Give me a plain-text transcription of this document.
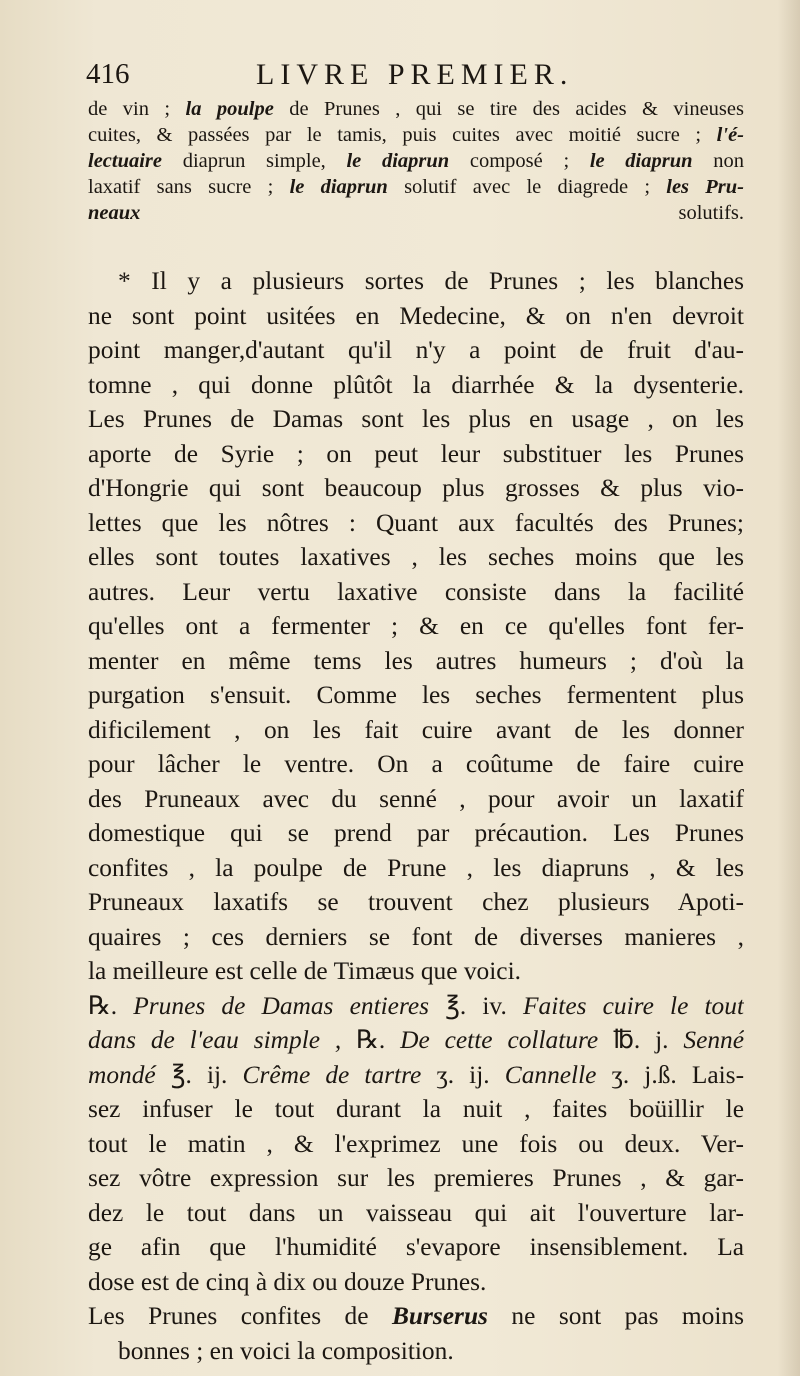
416	LIVRE PREMIER.
de vin ; la poulpe de Prunes , qui se tire des acides & vineuses
cuites, & passées par le tamis, puis cuites avec moitié sucre ; l'é-
lectuaire diaprun simple, le diaprun composé ; le diaprun non
laxatif sans sucre ; le diaprun solutif avec le diagrede ; les Pru-
neaux solutifs.
* Il y a plusieurs sortes de Prunes ; les blanches
ne sont point usitées en Medecine, & on n'en devroit
point manger,d'autant qu'il n'y a point de fruit d'au-
tomne , qui donne plûtôt la diarrhée & la dysenterie.
Les Prunes de Damas sont les plus en usage , on les
aporte de Syrie ; on peut leur substituer les Prunes
d'Hongrie qui sont beaucoup plus grosses & plus vio-
lettes que les nôtres : Quant aux facultés des Prunes;
elles sont toutes laxatives , les seches moins que les
autres. Leur vertu laxative consiste dans la facilité
qu'elles ont a fermenter ; & en ce qu'elles font fer-
menter en même tems les autres humeurs ; d'où la
purgation s'ensuit. Comme les seches fermentent plus
dificilement , on les fait cuire avant de les donner
pour lâcher le ventre. On a coûtume de faire cuire
des Pruneaux avec du senné , pour avoir un laxatif
domestique qui se prend par précaution. Les Prunes
confites , la poulpe de Prune , les diapruns , & les
Pruneaux laxatifs se trouvent chez plusieurs Apoti-
quaires ; ces derniers se font de diverses manieres ,
la meilleure est celle de Timæus que voici.
℞. Prunes de Damas entieres ℥. iv. Faites cuire le tout
dans de l'eau simple , ℞. De cette collature ℔. j. Senné
mondé ℥. ij. Crême de tartre ʒ. ij. Cannelle ʒ. j.ß. Lais-
sez infuser le tout durant la nuit , faites boüillir le
tout le matin , & l'exprimez une fois ou deux. Ver-
sez vôtre expression sur les premieres Prunes , & gar-
dez le tout dans un vaisseau qui ait l'ouverture lar-
ge afin que l'humidité s'evapore insensiblement. La
dose est de cinq à dix ou douze Prunes.
Les Prunes confites de Burserus ne sont pas moins
bonnes ; en voici la composition.
